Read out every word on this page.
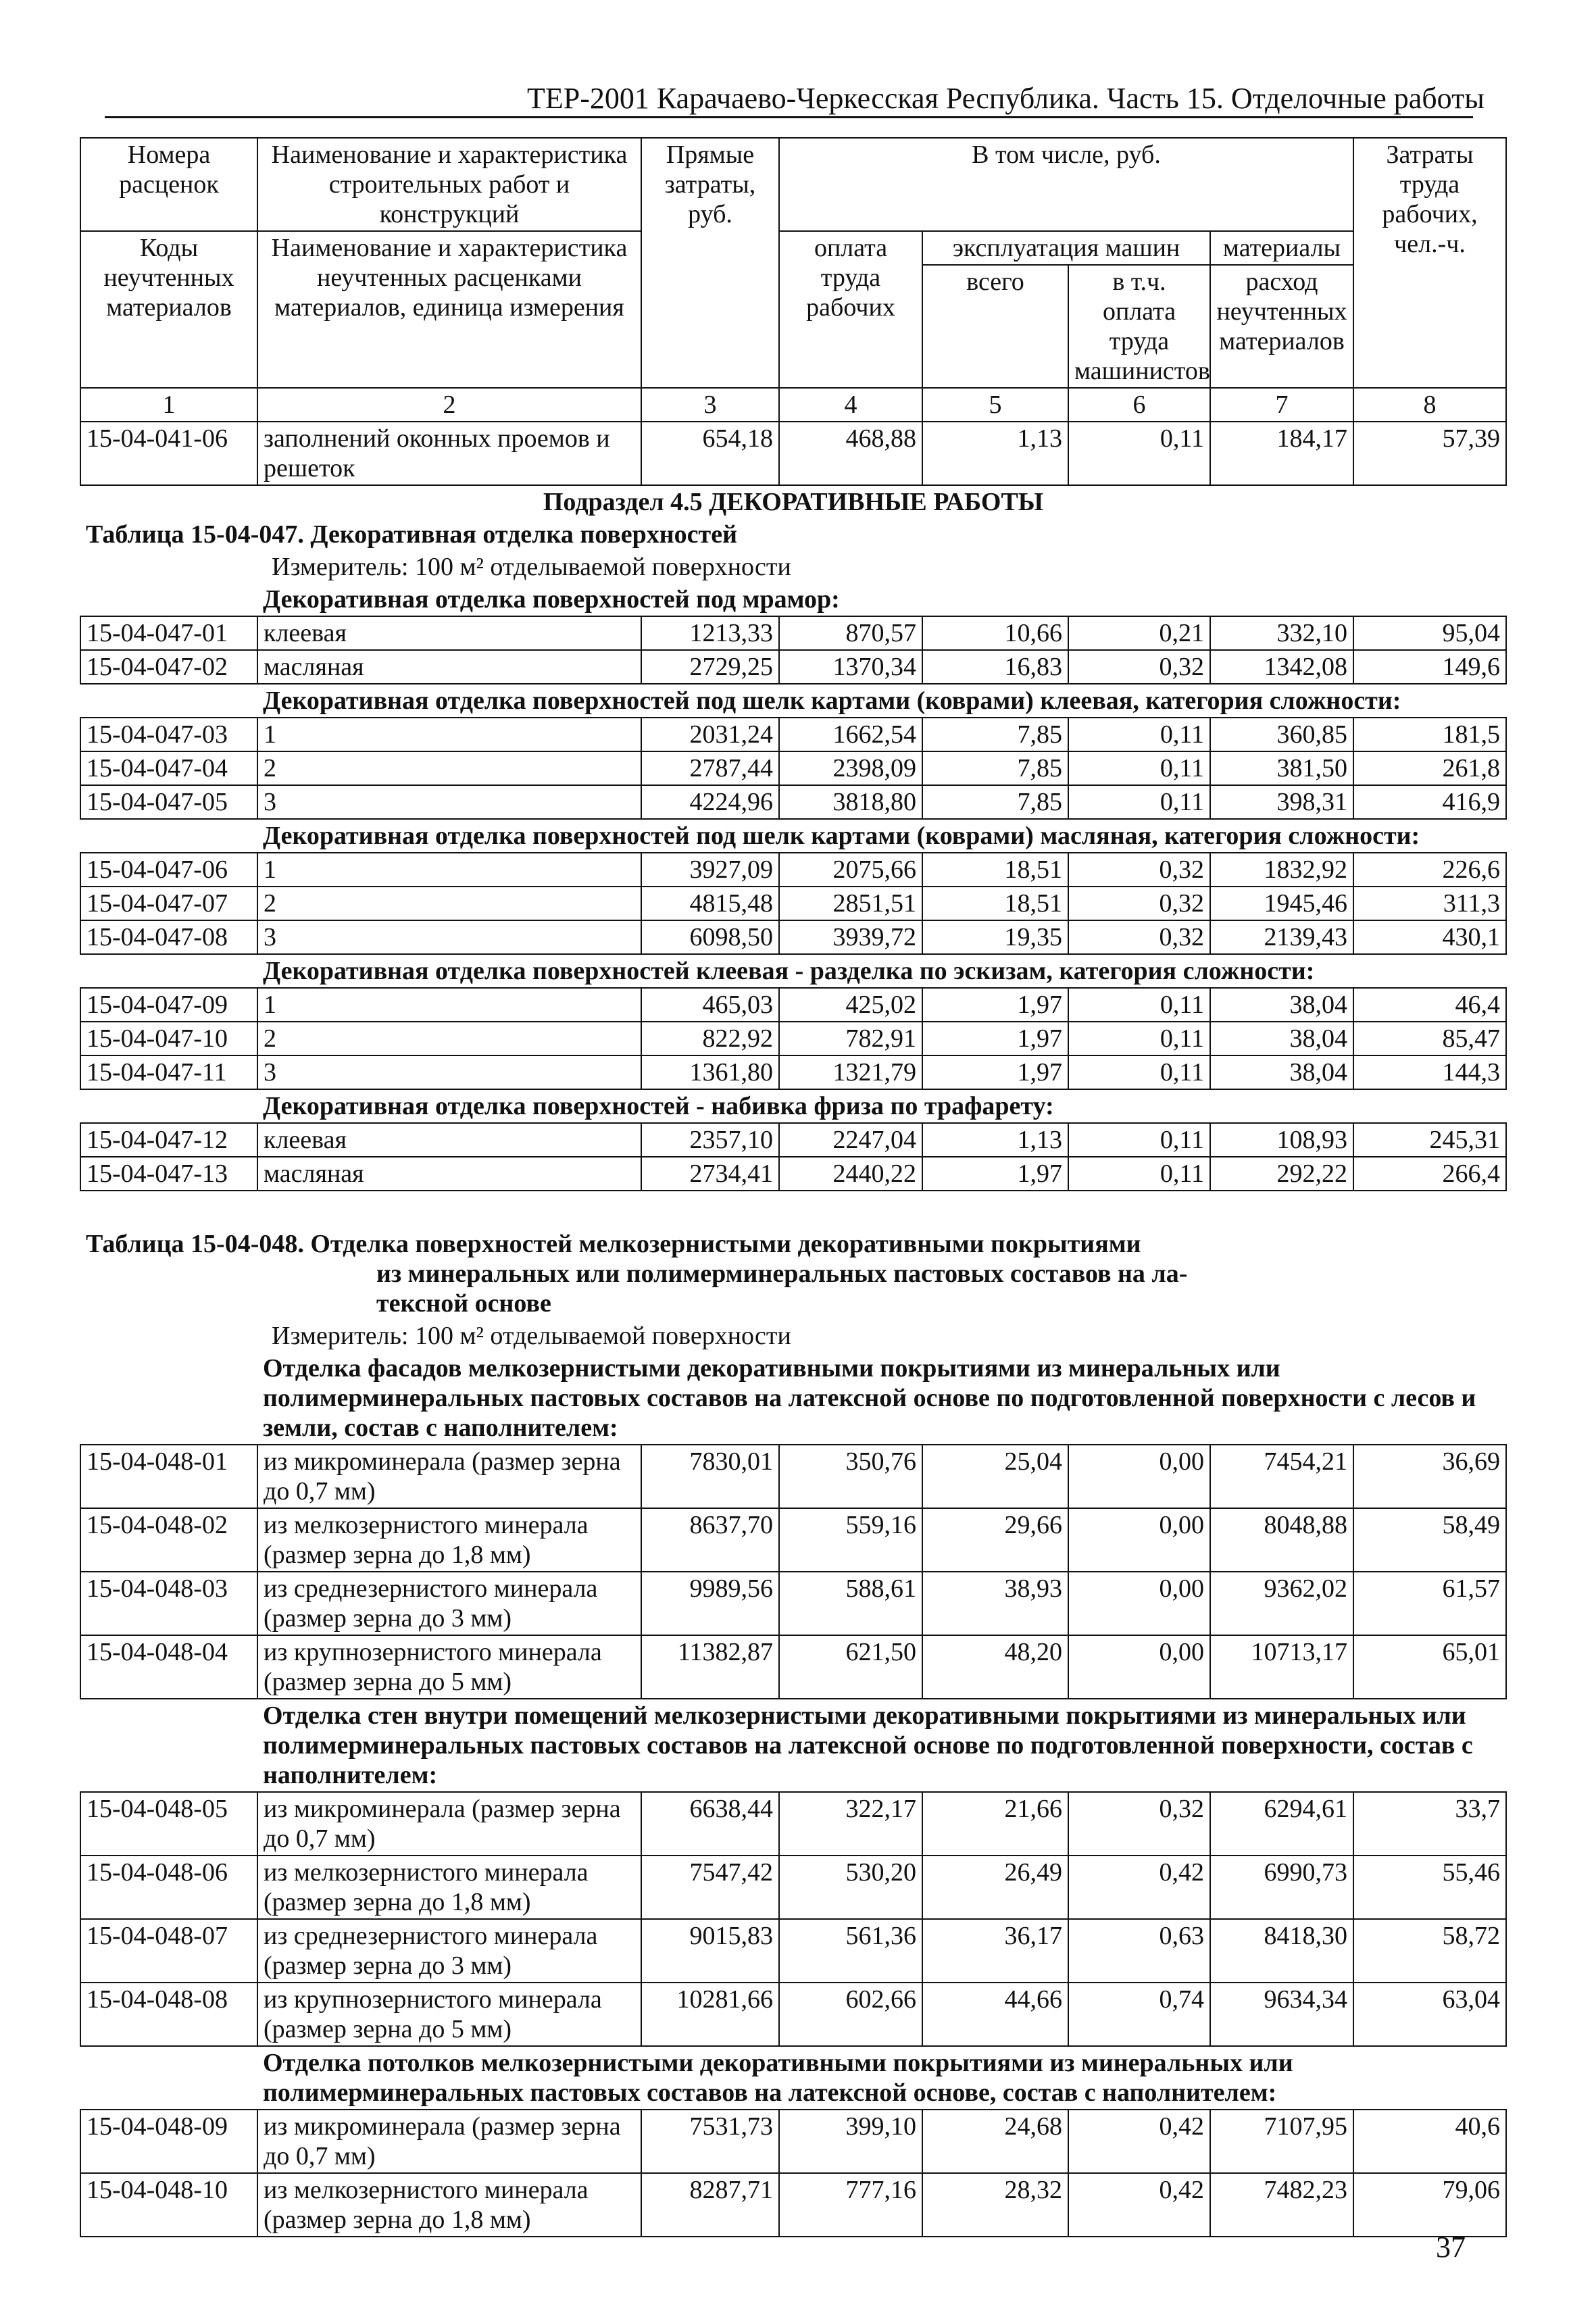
ТЕР-2001 Карачаево-Черкесская Республика. Часть 15. Отделочные работы
Номера расценок	Наименование и характеристика строительных работ и конструкций	Прямые затраты, руб.	В том числе, руб.				Затраты труда рабочих, чел.-ч.
Коды неучтенных материалов	Наименование и характеристика неучтенных расценками материалов, единица измерения		оплата труда рабочих	эксплуатация машин		материалы	
				всего	в т.ч. оплата труда машинистов	расход неучтенных материалов	
1	2	3	4	5	6	7	8
15-04-041-06	заполнений оконных проемов и решеток	654,18	468,88	1,13	0,11	184,17	57,39
Подраздел 4.5 ДЕКОРАТИВНЫЕ РАБОТЫ							
Таблица 15-04-047. Декоративная отделка поверхностей							
Измеритель: 100 м² отделываемой поверхности							
	Декоративная отделка поверхностей под мрамор:						
15-04-047-01	клеевая	1213,33	870,57	10,66	0,21	332,10	95,04
15-04-047-02	масляная	2729,25	1370,34	16,83	0,32	1342,08	149,6
	Декоративная отделка поверхностей под шелк картами (коврами) клеевая, категория сложности:						
15-04-047-03	1	2031,24	1662,54	7,85	0,11	360,85	181,5
15-04-047-04	2	2787,44	2398,09	7,85	0,11	381,50	261,8
15-04-047-05	3	4224,96	3818,80	7,85	0,11	398,31	416,9
	Декоративная отделка поверхностей под шелк картами (коврами) масляная, категория сложности:						
15-04-047-06	1	3927,09	2075,66	18,51	0,32	1832,92	226,6
15-04-047-07	2	4815,48	2851,51	18,51	0,32	1945,46	311,3
15-04-047-08	3	6098,50	3939,72	19,35	0,32	2139,43	430,1
	Декоративная отделка поверхностей клеевая - разделка по эскизам, категория сложности:						
15-04-047-09	1	465,03	425,02	1,97	0,11	38,04	46,4
15-04-047-10	2	822,92	782,91	1,97	0,11	38,04	85,47
15-04-047-11	3	1361,80	1321,79	1,97	0,11	38,04	144,3
	Декоративная отделка поверхностей - набивка фриза по трафарету:						
15-04-047-12	клеевая	2357,10	2247,04	1,13	0,11	108,93	245,31
15-04-047-13	масляная	2734,41	2440,22	1,97	0,11	292,22	266,4

Таблица 15-04-048. Отделка поверхностей мелкозернистыми декоративными покрытиями
из минеральных или полимерминеральных пастовых составов на ла-
тексной основе							

Измеритель: 100 м² отделываемой поверхности							
	Отделка фасадов мелкозернистыми декоративными покрытиями из минеральных или полимерминеральных пастовых составов на латексной основе по подготовленной поверхности с лесов и земли, состав с наполнителем:						
15-04-048-01	из микроминерала (размер зерна до 0,7 мм)	7830,01	350,76	25,04	0,00	7454,21	36,69
15-04-048-02	из мелкозернистого минерала (размер зерна до 1,8 мм)	8637,70	559,16	29,66	0,00	8048,88	58,49
15-04-048-03	из среднезернистого минерала (размер зерна до 3 мм)	9989,56	588,61	38,93	0,00	9362,02	61,57
15-04-048-04	из крупнозернистого минерала (размер зерна до 5 мм)	11382,87	621,50	48,20	0,00	10713,17	65,01
	Отделка стен внутри помещений мелкозернистыми декоративными покрытиями из минеральных или полимерминеральных пастовых составов на латексной основе по подготовленной поверхности, состав с наполнителем:						
15-04-048-05	из микроминерала (размер зерна до 0,7 мм)	6638,44	322,17	21,66	0,32	6294,61	33,7
15-04-048-06	из мелкозернистого минерала (размер зерна до 1,8 мм)	7547,42	530,20	26,49	0,42	6990,73	55,46
15-04-048-07	из среднезернистого минерала (размер зерна до 3 мм)	9015,83	561,36	36,17	0,63	8418,30	58,72
15-04-048-08	из крупнозернистого минерала (размер зерна до 5 мм)	10281,66	602,66	44,66	0,74	9634,34	63,04
	Отделка потолков мелкозернистыми декоративными покрытиями из минеральных или полимерминеральных пастовых составов на латексной основе, состав с наполнителем:						
15-04-048-09	из микроминерала (размер зерна до 0,7 мм)	7531,73	399,10	24,68	0,42	7107,95	40,6
15-04-048-10	из мелкозернистого минерала (размер зерна до 1,8 мм)	8287,71	777,16	28,32	0,42	7482,23	79,06
37
